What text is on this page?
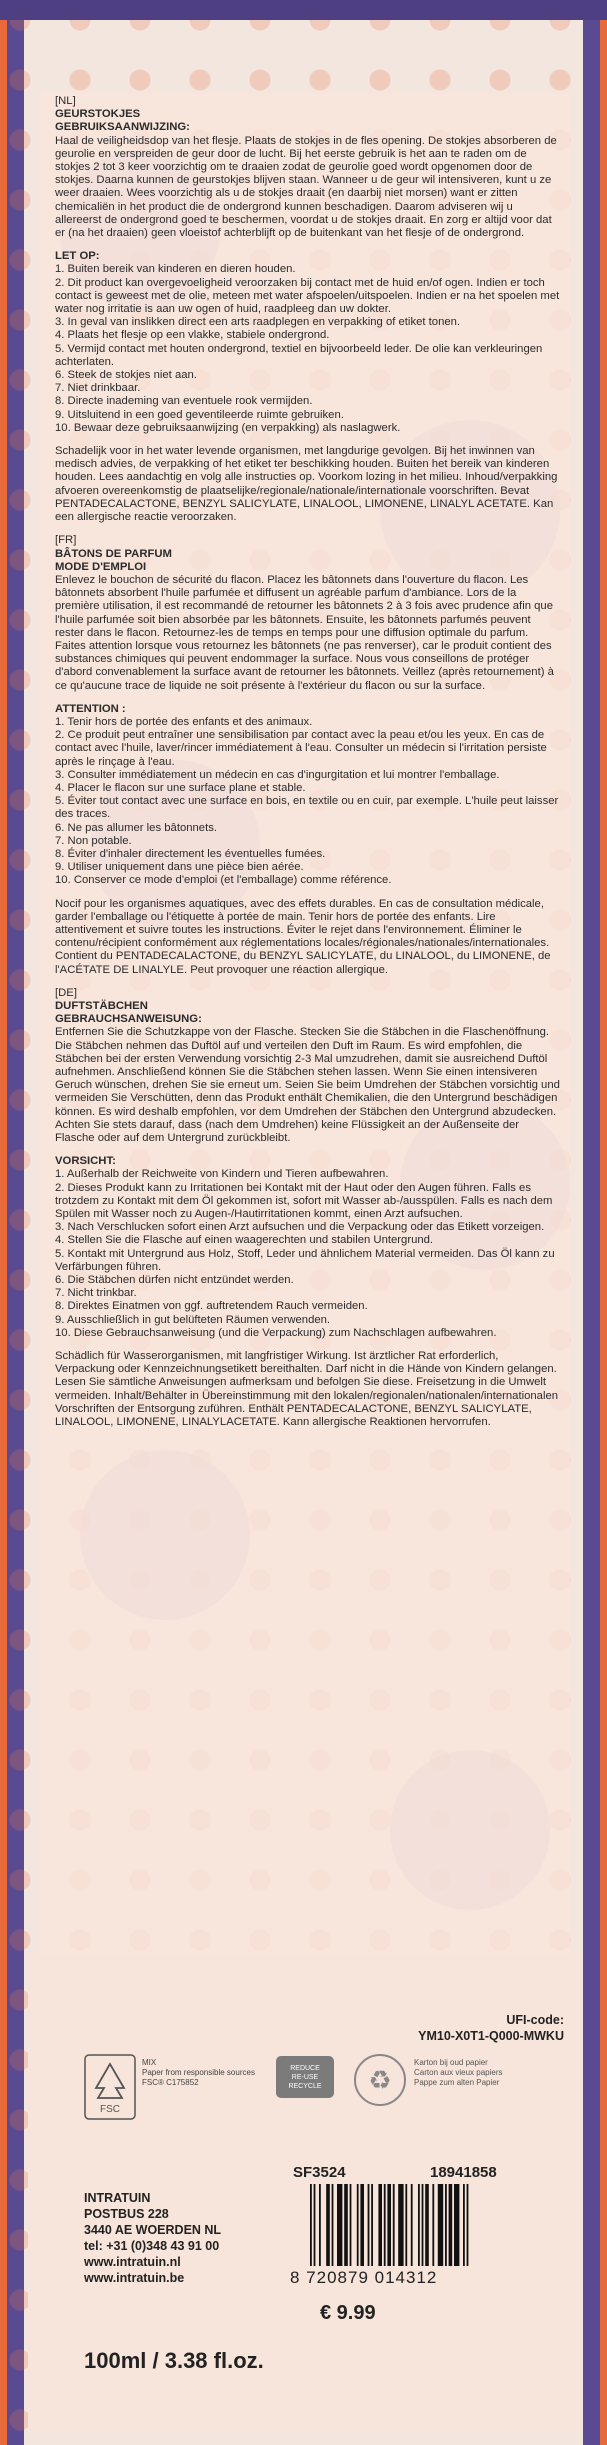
[NL]

GEURSTOKJES

GEBRUIKSAANWIJZING:

Haal de veiligheidsdop van het flesje. Plaats de stokjes in de fles opening. De stokjes absorberen de geurolie en verspreiden de geur door de lucht. Bij het eerste gebruik is het aan te raden om de stokjes 2 tot 3 keer voorzichtig om te draaien zodat de geurolie goed wordt opgenomen door de stokjes. Daarna kunnen de geurstokjes blijven staan. Wanneer u de geur wil intensiveren, kunt u ze weer draaien. Wees voorzichtig als u de stokjes draait (en daarbij niet morsen) want er zitten chemicaliën in het product die de ondergrond kunnen beschadigen. Daarom adviseren wij u allereerst de ondergrond goed te beschermen, voordat u de stokjes draait. En zorg er altijd voor dat er (na het draaien) geen vloeistof achterblijft op de buitenkant van het flesje of de ondergrond.

LET OP:

1. Buiten bereik van kinderen en dieren houden.

2. Dit product kan overgevoeligheid veroorzaken bij contact met de huid en/of ogen. Indien er toch contact is geweest met de olie, meteen met water afspoelen/uitspoelen. Indien er na het spoelen met water nog irritatie is aan uw ogen of huid, raadpleeg dan uw dokter.

3. In geval van inslikken direct een arts raadplegen en verpakking of etiket tonen.

4. Plaats het flesje op een vlakke, stabiele ondergrond.

5. Vermijd contact met houten ondergrond, textiel en bijvoorbeeld leder. De olie kan verkleuringen achterlaten.

6. Steek de stokjes niet aan.

7. Niet drinkbaar.

8. Directe inademing van eventuele rook vermijden.

9. Uitsluitend in een goed geventileerde ruimte gebruiken.

10. Bewaar deze gebruiksaanwijzing (en verpakking) als naslagwerk.

Schadelijk voor in het water levende organismen, met langdurige gevolgen. Bij het inwinnen van medisch advies, de verpakking of het etiket ter beschikking houden. Buiten het bereik van kinderen houden. Lees aandachtig en volg alle instructies op. Voorkom lozing in het milieu. Inhoud/verpakking afvoeren overeenkomstig de plaatselijke/regionale/nationale/internationale voorschriften. Bevat PENTADECALACTONE, BENZYL SALICYLATE, LINALOOL, LIMONENE, LINALYL ACETATE. Kan een allergische reactie veroorzaken.

[FR]

BÂTONS DE PARFUM

MODE D'EMPLOI

Enlevez le bouchon de sécurité du flacon. Placez les bâtonnets dans l'ouverture du flacon. Les bâtonnets absorbent l'huile parfumée et diffusent un agréable parfum d'ambiance. Lors de la première utilisation, il est recommandé de retourner les bâtonnets 2 à 3 fois avec prudence afin que l'huile parfumée soit bien absorbée par les bâtonnets. Ensuite, les bâtonnets parfumés peuvent rester dans le flacon. Retournez-les de temps en temps pour une diffusion optimale du parfum. Faites attention lorsque vous retournez les bâtonnets (ne pas renverser), car le produit contient des substances chimiques qui peuvent endommager la surface. Nous vous conseillons de protéger d'abord convenablement la surface avant de retourner les bâtonnets. Veillez (après retournement) à ce qu'aucune trace de liquide ne soit présente à l'extérieur du flacon ou sur la surface.

ATTENTION :

1. Tenir hors de portée des enfants et des animaux.

2. Ce produit peut entraîner une sensibilisation par contact avec la peau et/ou les yeux. En cas de contact avec l'huile, laver/rincer immédiatement à l'eau. Consulter un médecin si l'irritation persiste après le rinçage à l'eau.

3. Consulter immédiatement un médecin en cas d'ingurgitation et lui montrer l'emballage.

4. Placer le flacon sur une surface plane et stable.

5. Éviter tout contact avec une surface en bois, en textile ou en cuir, par exemple. L'huile peut laisser des traces.

6. Ne pas allumer les bâtonnets.

7. Non potable.

8. Éviter d'inhaler directement les éventuelles fumées.

9. Utiliser uniquement dans une pièce bien aérée.

10. Conserver ce mode d'emploi (et l'emballage) comme référence.

Nocif pour les organismes aquatiques, avec des effets durables. En cas de consultation médicale, garder l'emballage ou l'étiquette à portée de main. Tenir hors de portée des enfants. Lire attentivement et suivre toutes les instructions. Éviter le rejet dans l'environnement. Éliminer le contenu/récipient conformément aux réglementations locales/régionales/nationales/internationales. Contient du PENTADECALACTONE, du BENZYL SALICYLATE, du LINALOOL, du LIMONENE, de l'ACÉTATE DE LINALYLE. Peut provoquer une réaction allergique.

[DE]

DUFTSTÄBCHEN

GEBRAUCHSANWEISUNG:

Entfernen Sie die Schutzkappe von der Flasche. Stecken Sie die Stäbchen in die Flaschenöffnung. Die Stäbchen nehmen das Duftöl auf und verteilen den Duft im Raum. Es wird empfohlen, die Stäbchen bei der ersten Verwendung vorsichtig 2-3 Mal umzudrehen, damit sie ausreichend Duftöl aufnehmen. Anschließend können Sie die Stäbchen stehen lassen. Wenn Sie einen intensiveren Geruch wünschen, drehen Sie sie erneut um. Seien Sie beim Umdrehen der Stäbchen vorsichtig und vermeiden Sie Verschütten, denn das Produkt enthält Chemikalien, die den Untergrund beschädigen können. Es wird deshalb empfohlen, vor dem Umdrehen der Stäbchen den Untergrund abzudecken. Achten Sie stets darauf, dass (nach dem Umdrehen) keine Flüssigkeit an der Außenseite der Flasche oder auf dem Untergrund zurückbleibt.

VORSICHT:

1. Außerhalb der Reichweite von Kindern und Tieren aufbewahren.

2. Dieses Produkt kann zu Irritationen bei Kontakt mit der Haut oder den Augen führen. Falls es trotzdem zu Kontakt mit dem Öl gekommen ist, sofort mit Wasser ab-/ausspülen. Falls es nach dem Spülen mit Wasser noch zu Augen-/Hautirritationen kommt, einen Arzt aufsuchen.

3. Nach Verschlucken sofort einen Arzt aufsuchen und die Verpackung oder das Etikett vorzeigen.

4. Stellen Sie die Flasche auf einen waagerechten und stabilen Untergrund.

5. Kontakt mit Untergrund aus Holz, Stoff, Leder und ähnlichem Material vermeiden. Das Öl kann zu Verfärbungen führen.

6. Die Stäbchen dürfen nicht entzündet werden.

7. Nicht trinkbar.

8. Direktes Einatmen von ggf. auftretendem Rauch vermeiden.

9. Ausschließlich in gut belüfteten Räumen verwenden.

10. Diese Gebrauchsanweisung (und die Verpackung) zum Nachschlagen aufbewahren.

Schädlich für Wasserorganismen, mit langfristiger Wirkung. Ist ärztlicher Rat erforderlich, Verpackung oder Kennzeichnungsetikett bereithalten. Darf nicht in die Hände von Kindern gelangen. Lesen Sie sämtliche Anweisungen aufmerksam und befolgen Sie diese. Freisetzung in die Umwelt vermeiden. Inhalt/Behälter in Übereinstimmung mit den lokalen/regionalen/nationalen/internationalen Vorschriften der Entsorgung zuführen. Enthält PENTADECALACTONE, BENZYL SALICYLATE, LINALOOL, LIMONENE, LINALYLACETATE. Kann allergische Reaktionen hervorrufen.

UFI-code:
YM10-X0T1-Q000-MWKU
FSC
MIX
Paper from responsible sources
FSC® C175852
REDUCE
RE-USE
RECYCLE	♻
Karton bij oud papier
Carton aux vieux papiers
Pappe zum alten Papier
SF3524	18941858
INTRATUIN
POSTBUS 228
3440 AE WOERDEN NL
tel: +31 (0)348 43 91 00
www.intratuin.nl
www.intratuin.be	8 720879 014312
€ 9.99
100ml / 3.38 fl.oz.
